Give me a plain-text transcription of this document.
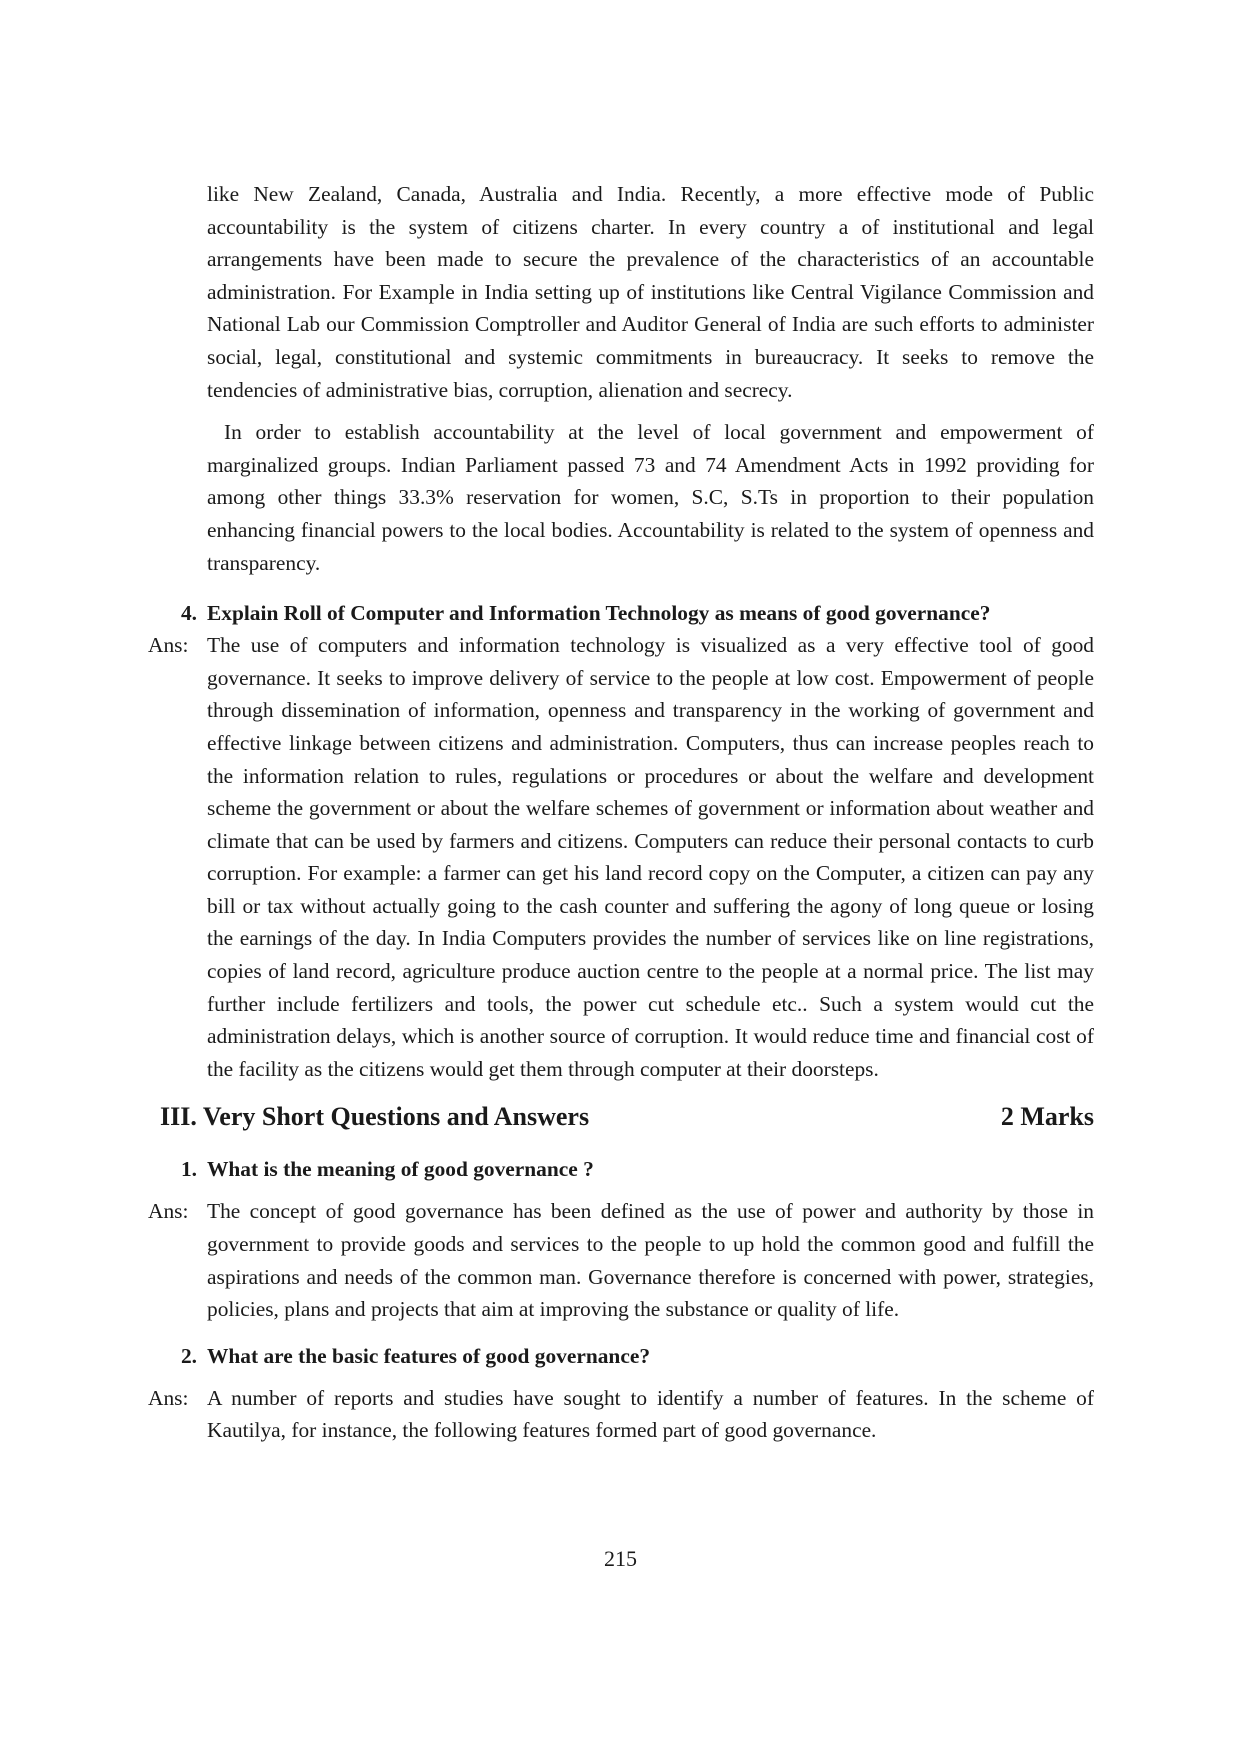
like New Zealand, Canada, Australia and India. Recently, a more effective mode of Public accountability is the system of citizens charter. In every country a of institutional and legal arrangements have been made to secure the prevalence of the characteristics of an accountable administration. For Example in India setting up of institutions like Central Vigilance Commission and National Lab our Commission Comptroller and Auditor General of India are such efforts to administer social, legal, constitutional and systemic commitments in bureaucracy. It seeks to remove the tendencies of administrative bias, corruption, alienation and secrecy.

In order to establish accountability at the level of local government and empowerment of marginalized groups. Indian Parliament passed 73 and 74 Amendment Acts in 1992 providing for among other things 33.3% reservation for women, S.C, S.Ts in proportion to their population enhancing financial powers to the local bodies. Accountability is related to the system of openness and transparency.

4. Explain Roll of Computer and Information Technology as means of good governance?
Ans: The use of computers and information technology is visualized as a very effective tool of good governance. It seeks to improve delivery of service to the people at low cost. Empowerment of people through dissemination of information, openness and transparency in the working of government and effective linkage between citizens and administration. Computers, thus can increase peoples reach to the information relation to rules, regulations or procedures or about the welfare and development scheme the government or about the welfare schemes of government or information about weather and climate that can be used by farmers and citizens. Computers can reduce their personal contacts to curb corruption. For example: a farmer can get his land record copy on the Computer, a citizen can pay any bill or tax without actually going to the cash counter and suffering the agony of long queue or losing the earnings of the day. In India Computers provides the number of services like on line registrations, copies of land record, agriculture produce auction centre to the people at a normal price. The list may further include fertilizers and tools, the power cut schedule etc.. Such a system would cut the administration delays, which is another source of corruption. It would reduce time and financial cost of the facility as the citizens would get them through computer at their doorsteps.
III. Very Short Questions and Answers	2 Marks
1. What is the meaning of good governance ?
Ans: The concept of good governance has been defined as the use of power and authority by those in government to provide goods and services to the people to up hold the common good and fulfill the aspirations and needs of the common man. Governance therefore is concerned with power, strategies, policies, plans and projects that aim at improving the substance or quality of life.
2. What are the basic features of good governance?
Ans: A number of reports and studies have sought to identify a number of features. In the scheme of Kautilya, for instance, the following features formed part of good governance.
215
